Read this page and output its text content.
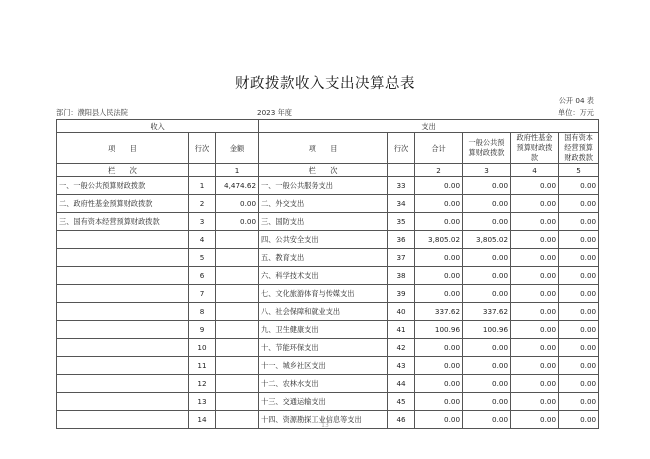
财政拨款收入支出决算总表
公开 04 表
部门：濮阳县人民法院	2023 年度	单位：万元
收入			支出					
项　　目	行次	金额	项　　目	行次	合计	一般公共预算财政拨款	政府性基金预算财政拨款	国有资本经营预算财政拨款
栏　　次		1	栏　　次		2	3	4	5
一、一般公共预算财政拨款	1	4,474.62	一、一般公共服务支出	33	0.00	0.00	0.00	0.00
二、政府性基金预算财政拨款	2	0.00	二、外交支出	34	0.00	0.00	0.00	0.00
三、国有资本经营预算财政拨款	3	0.00	三、国防支出	35	0.00	0.00	0.00	0.00
	4		四、公共安全支出	36	3,805.02	3,805.02	0.00	0.00
	5		五、教育支出	37	0.00	0.00	0.00	0.00
	6		六、科学技术支出	38	0.00	0.00	0.00	0.00
	7		七、文化旅游体育与传媒支出	39	0.00	0.00	0.00	0.00
	8		八、社会保障和就业支出	40	337.62	337.62	0.00	0.00
	9		九、卫生健康支出	41	100.96	100.96	0.00	0.00
	10		十、节能环保支出	42	0.00	0.00	0.00	0.00
	11		十一、城乡社区支出	43	0.00	0.00	0.00	0.00
	12		十二、农林水支出	44	0.00	0.00	0.00	0.00
	13		十三、交通运输支出	45	0.00	0.00	0.00	0.00
	14		十四、资源勘探工业信息等支出	46	0.00	0.00	0.00	0.00
13
